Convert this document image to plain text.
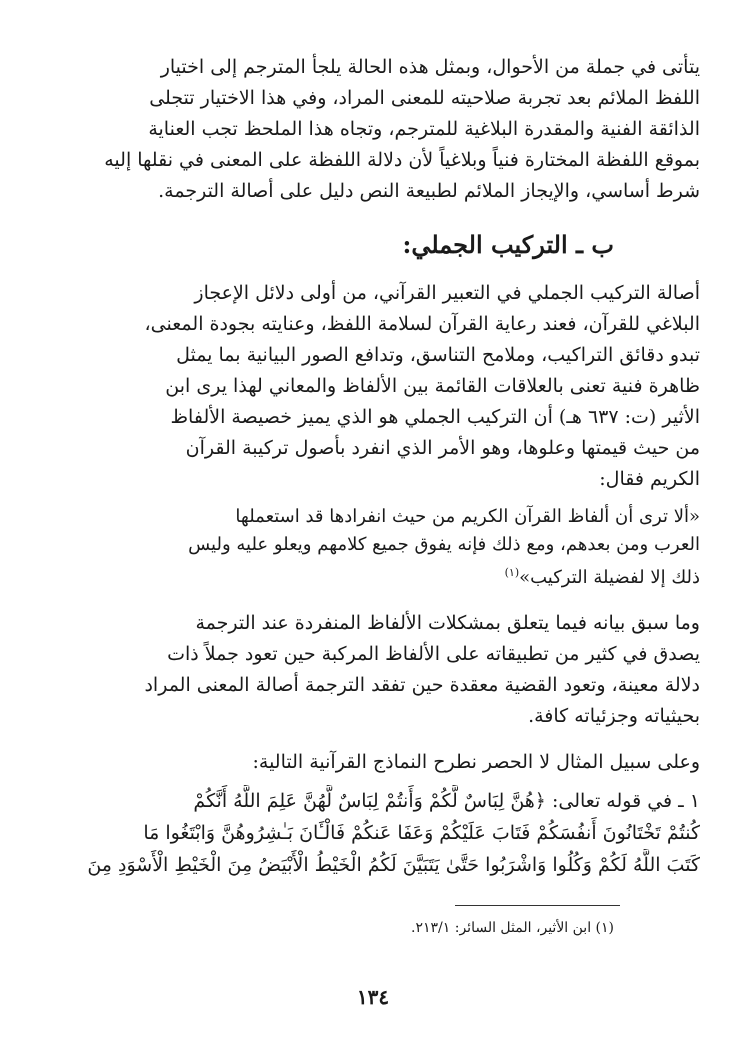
يتأتى في جملة من الأحوال، وبمثل هذه الحالة يلجأ المترجم إلى اختيار
اللفظ الملائم بعد تجربة صلاحيته للمعنى المراد، وفي هذا الاختيار تتجلى
الذائقة الفنية والمقدرة البلاغية للمترجم، وتجاه هذا الملحظ تجب العناية
بموقع اللفظة المختارة فنياً وبلاغياً لأن دلالة اللفظة على المعنى في نقلها إليه
شرط أساسي، والإيجاز الملائم لطبيعة النص دليل على أصالة الترجمة.
ب ـ التركيب الجملي:
أصالة التركيب الجملي في التعبير القرآني، من أولى دلائل الإعجاز
البلاغي للقرآن، فعند رعاية القرآن لسلامة اللفظ، وعنايته بجودة المعنى،
تبدو دقائق التراكيب، وملامح التناسق، وتدافع الصور البيانية بما يمثل
ظاهرة فنية تعنى بالعلاقات القائمة بين الألفاظ والمعاني لهذا يرى ابن
الأثير (ت: ٦٣٧ هـ) أن التركيب الجملي هو الذي يميز خصيصة الألفاظ
من حيث قيمتها وعلوها، وهو الأمر الذي انفرد بأصول تركيبة القرآن
الكريم فقال:
«ألا ترى أن ألفاظ القرآن الكريم من حيث انفرادها قد استعملها
العرب ومن بعدهم، ومع ذلك فإنه يفوق جميع كلامهم ويعلو عليه وليس
ذلك إلا لفضيلة التركيب»$^{(١)}$
وما سبق بيانه فيما يتعلق بمشكلات الألفاظ المنفردة عند الترجمة
يصدق في كثير من تطبيقاته على الألفاظ المركبة حين تعود جملاً ذات
دلالة معينة، وتعود القضية معقدة حين تفقد الترجمة أصالة المعنى المراد
بحيثياته وجزئياته كافة.
وعلى سبيل المثال لا الحصر نطرح النماذج القرآنية التالية:
١ ـ في قوله تعالى: ﴿هُنَّ لِبَاسٌ لَّكُمْ وَأَنتُمْ لِبَاسٌ لَّهُنَّ عَلِمَ اللَّهُ أَنَّكُمْ
كُنتُمْ تَخْتَانُونَ أَنفُسَكُمْ فَتَابَ عَلَيْكُمْ وَعَفَا عَنكُمْ فَالْـَٔانَ بَـٰشِرُوهُنَّ وَابْتَغُوا مَا
كَتَبَ اللَّهُ لَكُمْ وَكُلُوا وَاشْرَبُوا حَتَّىٰ يَتَبَيَّنَ لَكُمُ الْخَيْطُ الْأَبْيَضُ مِنَ الْخَيْطِ الْأَسْوَدِ مِنَ
(١) ابن الأثير، المثل السائر: ٢١٣/١.
١٣٤
